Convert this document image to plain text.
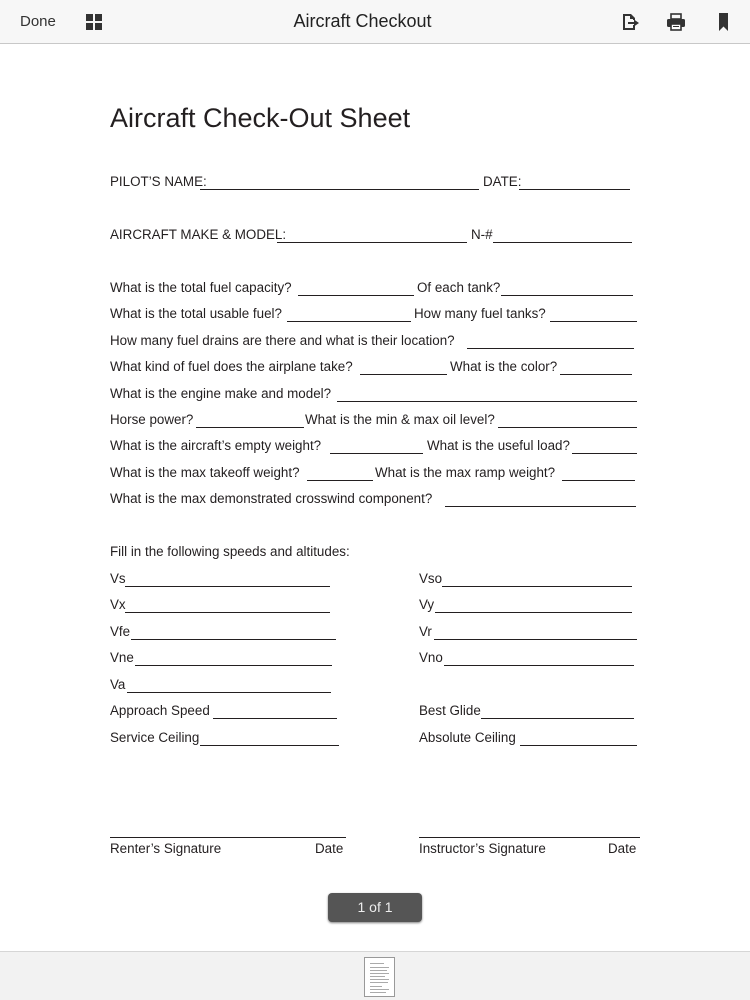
Done	Aircraft Checkout
Aircraft Check-Out Sheet
PILOT’S NAME:	DATE:
AIRCRAFT MAKE & MODEL:	N-#
What is the total fuel capacity?	Of each tank?
What is the total usable fuel?	How many fuel tanks?
How many fuel drains are there and what is their location?
What kind of fuel does the airplane take?	What is the color?
What is the engine make and model?
Horse power?	What is the min & max oil level?
What is the aircraft’s empty weight?	What is the useful load?
What is the max takeoff weight?	What is the max ramp weight?
What is the max demonstrated crosswind component?
Fill in the following speeds and altitudes:
Vs	Vso
Vx	Vy
Vfe	Vr
Vne	Vno
Va
Approach Speed	Best Glide
Service Ceiling	Absolute Ceiling
Renter’s Signature	Date	Instructor’s Signature	Date
1 of 1
